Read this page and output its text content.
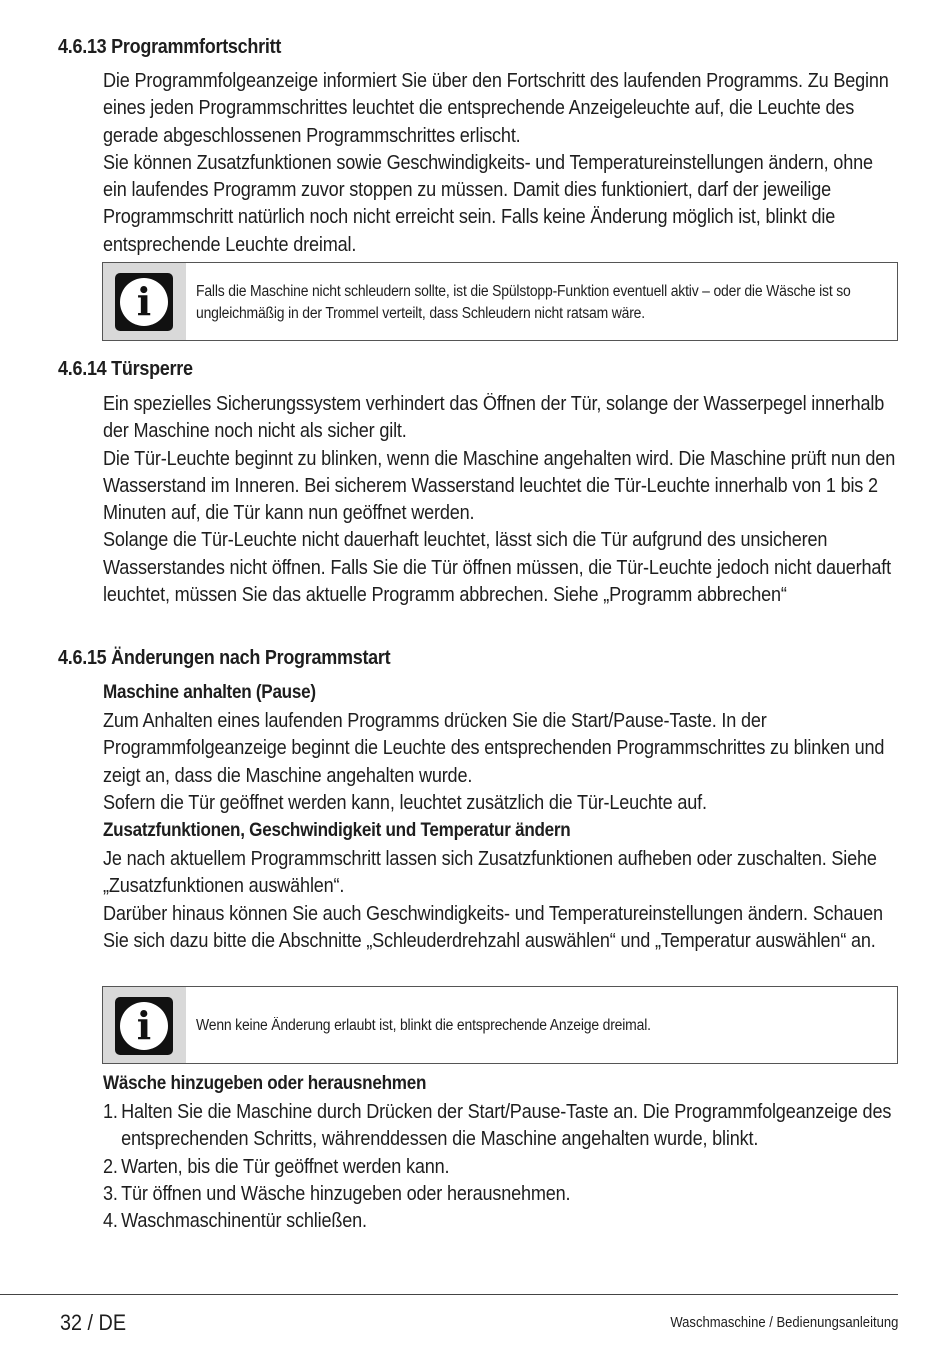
4.6.13 Programmfortschritt

Die Programmfolgeanzeige informiert Sie über den Fortschritt des laufenden Programms. Zu Beginn eines jeden Programmschrittes leuchtet die entsprechende Anzeigeleuchte auf, die Leuchte des gerade abgeschlossenen Programmschrittes erlischt.

Sie können Zusatzfunktionen sowie Geschwindigkeits- und Temperatureinstellungen ändern, ohne ein laufendes Programm zuvor stoppen zu müssen. Damit dies funktioniert, darf der jeweilige Programmschritt natürlich noch nicht erreicht sein. Falls keine Änderung möglich ist, blinkt die entsprechende Leuchte dreimal.

i	Falls die Maschine nicht schleudern sollte, ist die Spülstopp-Funktion eventuell aktiv – oder die Wäsche ist so ungleichmäßig in der Trommel verteilt, dass Schleudern nicht ratsam wäre.
4.6.14 Türsperre

Ein spezielles Sicherungssystem verhindert das Öffnen der Tür, solange der Wasserpegel innerhalb der Maschine noch nicht als sicher gilt.

Die Tür-Leuchte beginnt zu blinken, wenn die Maschine angehalten wird. Die Maschine prüft nun den Wasserstand im Inneren. Bei sicherem Wasserstand leuchtet die Tür-Leuchte innerhalb von 1 bis 2 Minuten auf, die Tür kann nun geöffnet werden.

Solange die Tür-Leuchte nicht dauerhaft leuchtet, lässt sich die Tür aufgrund des unsicheren Wasserstandes nicht öffnen. Falls Sie die Tür öffnen müssen, die Tür-Leuchte jedoch nicht dauerhaft leuchtet, müssen Sie das aktuelle Programm abbrechen. Siehe „Programm abbrechen“

4.6.15 Änderungen nach Programmstart
Maschine anhalten (Pause)

Zum Anhalten eines laufenden Programms drücken Sie die Start/Pause-Taste. In der Programmfolgeanzeige beginnt die Leuchte des entsprechenden Programmschrittes zu blinken und zeigt an, dass die Maschine angehalten wurde.

Sofern die Tür geöffnet werden kann, leuchtet zusätzlich die Tür-Leuchte auf.

Zusatzfunktionen, Geschwindigkeit und Temperatur ändern

Je nach aktuellem Programmschritt lassen sich Zusatzfunktionen aufheben oder zuschalten. Siehe „Zusatzfunktionen auswählen“.

Darüber hinaus können Sie auch Geschwindigkeits- und Temperatureinstellungen ändern. Schauen Sie sich dazu bitte die Abschnitte „Schleuderdrehzahl auswählen“ und „Temperatur auswählen“ an.

i	Wenn keine Änderung erlaubt ist, blinkt die entsprechende Anzeige dreimal.
Wäsche hinzugeben oder herausnehmen
1. Halten Sie die Maschine durch Drücken der Start/Pause-Taste an. Die Programmfolgeanzeige des entsprechenden Schritts, währenddessen die Maschine angehalten wurde, blinkt.
2. Warten, bis die Tür geöffnet werden kann.
3. Tür öffnen und Wäsche hinzugeben oder herausnehmen.
4. Waschmaschinentür schließen.
32 / DE	Waschmaschine / Bedienungsanleitung
